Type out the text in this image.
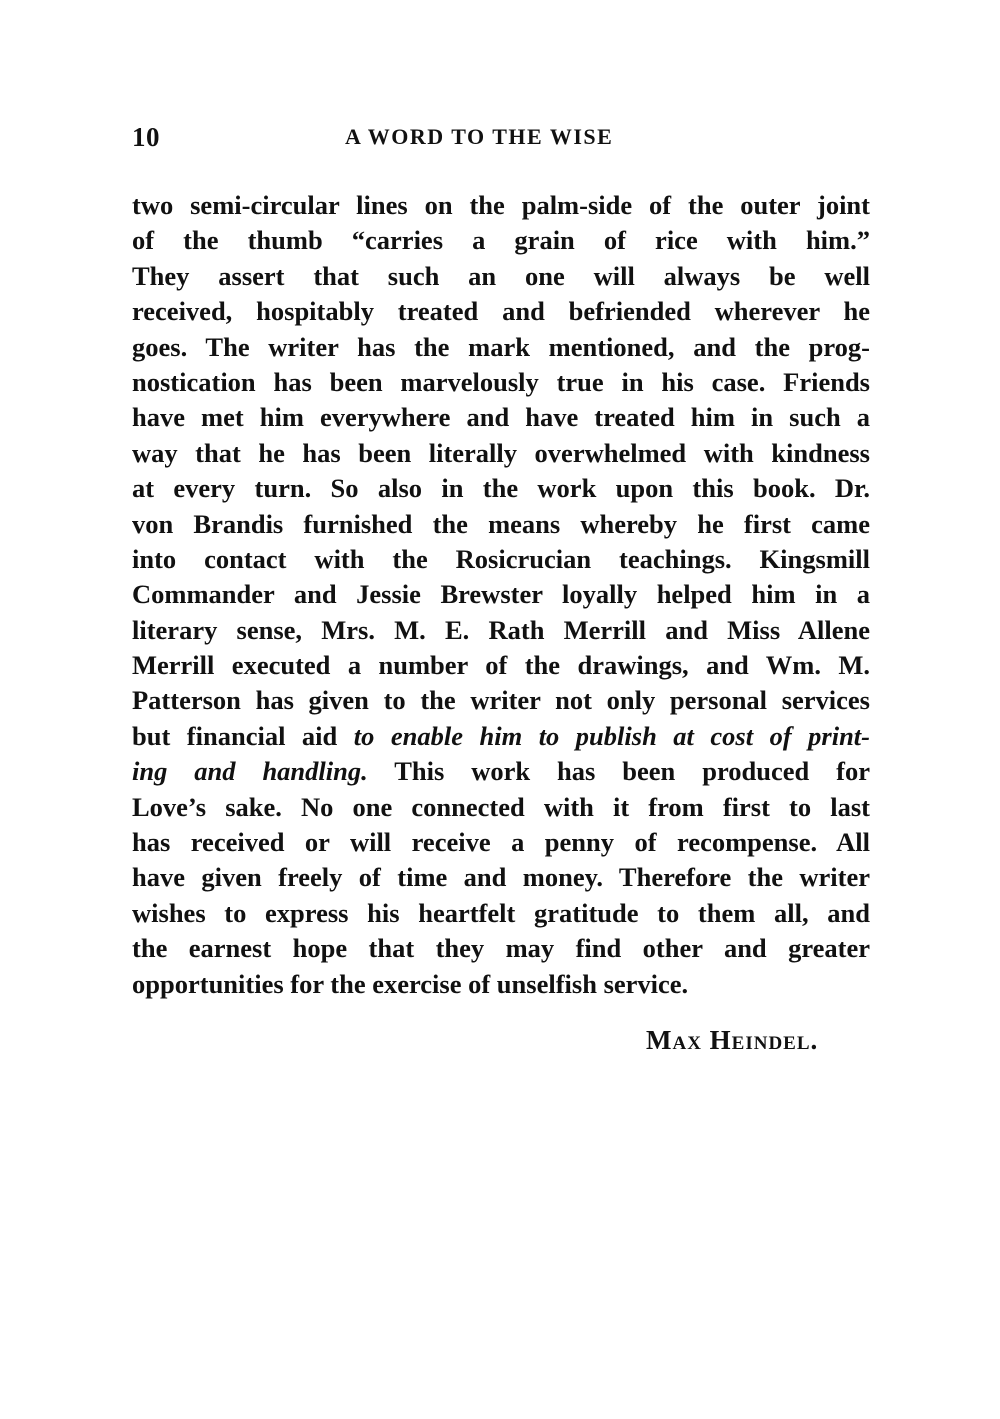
10	A WORD TO THE WISE
two semi-circular lines on the palm-side of the outer joint
of the thumb “carries a grain of rice with him.”
They assert that such an one will always be well
received, hospitably treated and befriended wherever he
goes. The writer has the mark mentioned, and the prog-
nostication has been marvelously true in his case. Friends
have met him everywhere and have treated him in such a
way that he has been literally overwhelmed with kindness
at every turn. So also in the work upon this book. Dr.
von Brandis furnished the means whereby he first came
into contact with the Rosicrucian teachings. Kingsmill
Commander and Jessie Brewster loyally helped him in a
literary sense, Mrs. M. E. Rath Merrill and Miss Allene
Merrill executed a number of the drawings, and Wm. M.
Patterson has given to the writer not only personal services
but financial aid to enable him to publish at cost of print-
ing and handling. This work has been produced for
Love’s sake. No one connected with it from first to last
has received or will receive a penny of recompense. All
have given freely of time and money. Therefore the writer
wishes to express his heartfelt gratitude to them all, and
the earnest hope that they may find other and greater
opportunities for the exercise of unselfish service.
Max Heindel.
